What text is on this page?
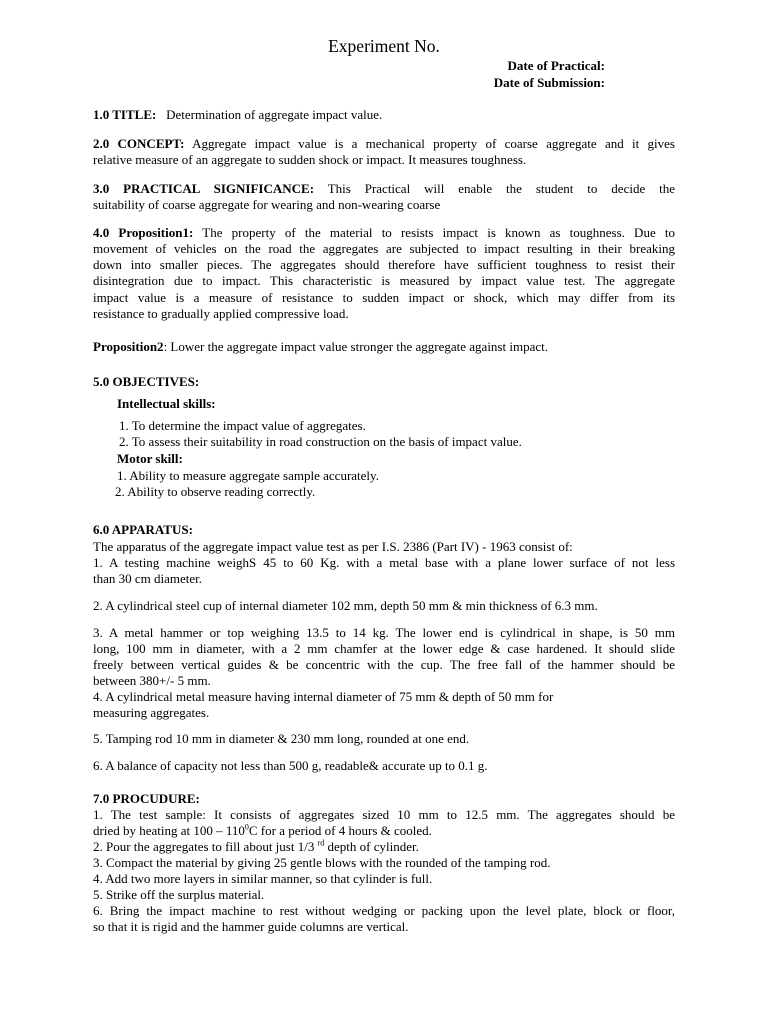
Experiment No.
Date of Practical:
Date of Submission:
1.0 TITLE: Determination of aggregate impact value.
2.0 CONCEPT: Aggregate impact value is a mechanical property of coarse aggregate and it gives
relative measure of an aggregate to sudden shock or impact. It measures toughness.
3.0 PRACTICAL SIGNIFICANCE: This Practical will enable the student to decide the
suitability of coarse aggregate for wearing and non-wearing coarse
4.0 Proposition1: The property of the material to resists impact is known as toughness. Due to
movement of vehicles on the road the aggregates are subjected to impact resulting in their breaking
down into smaller pieces. The aggregates should therefore have sufficient toughness to resist their
disintegration due to impact. This characteristic is measured by impact value test. The aggregate
impact value is a measure of resistance to sudden impact or shock, which may differ from its
resistance to gradually applied compressive load.
Proposition2: Lower the aggregate impact value stronger the aggregate against impact.
5.0 OBJECTIVES:
Intellectual skills:
1. To determine the impact value of aggregates.
2. To assess their suitability in road construction on the basis of impact value.
Motor skill:
1. Ability to measure aggregate sample accurately.
2. Ability to observe reading correctly.
6.0 APPARATUS:
The apparatus of the aggregate impact value test as per I.S. 2386 (Part IV) - 1963 consist of:
1. A testing machine weighS 45 to 60 Kg. with a metal base with a plane lower surface of not less
than 30 cm diameter.
2. A cylindrical steel cup of internal diameter 102 mm, depth 50 mm & min thickness of 6.3 mm.
3. A metal hammer or top weighing 13.5 to 14 kg. The lower end is cylindrical in shape, is 50 mm
long, 100 mm in diameter, with a 2 mm chamfer at the lower edge & case hardened. It should slide
freely between vertical guides & be concentric with the cup. The free fall of the hammer should be
between 380+/- 5 mm.
4. A cylindrical metal measure having internal diameter of 75 mm & depth of 50 mm for
measuring aggregates.
5. Tamping rod 10 mm in diameter & 230 mm long, rounded at one end.
6. A balance of capacity not less than 500 g, readable& accurate up to 0.1 g.
7.0 PROCUDURE:
1. The test sample: It consists of aggregates sized 10 mm to 12.5 mm. The aggregates should be
dried by heating at $100 - 110^0C$ for a period of 4 hours & cooled.
2. Pour the aggregates to fill about just 1/3 $^{rd}$ depth of cylinder.
3. Compact the material by giving 25 gentle blows with the rounded of the tamping rod.
4. Add two more layers in similar manner, so that cylinder is full.
5. Strike off the surplus material.
6. Bring the impact machine to rest without wedging or packing upon the level plate, block or floor,
so that it is rigid and the hammer guide columns are vertical.
